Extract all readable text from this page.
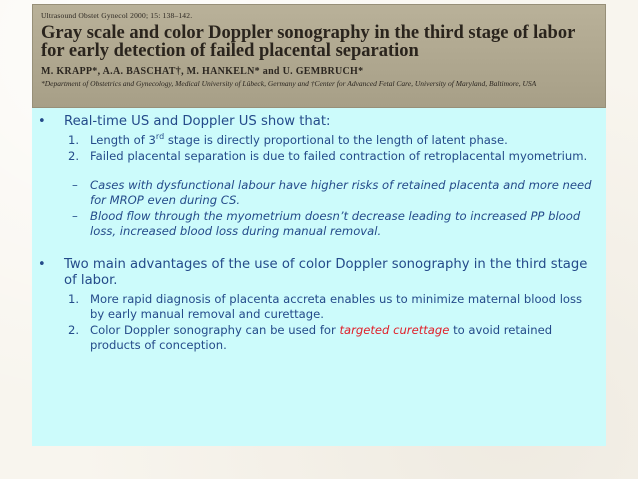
Ultrasound Obstet Gynecol 2000; 15: 138–142.

Gray scale and color Doppler sonography in the third stage of labor for early detection of failed placental separation

M. KRAPP*, A.A. BASCHAT†, M. HANKELN* and U. GEMBRUCH*

*Department of Obstetrics and Gynecology, Medical University of Lübeck, Germany and †Center for Advanced Fetal Care, University of Maryland, Baltimore, USA

• Real-time US and Doppler US show that:
1. Length of 3rd stage is directly proportional to the length of latent phase.
2. Failed placental separation is due to failed contraction of retroplacental myometrium.
– Cases with dysfunctional labour have higher risks of retained placenta and more need for MROP even during CS.
– Blood flow through the myometrium doesn’t decrease leading to increased PP blood loss, increased blood loss during manual removal.
• Two main advantages of the use of color Doppler sonography in the third stage of labor.
1. More rapid diagnosis of placenta accreta enables us to minimize maternal blood loss by early manual removal and curettage.
2. Color Doppler sonography can be used for targeted curettage to avoid retained products of conception.
